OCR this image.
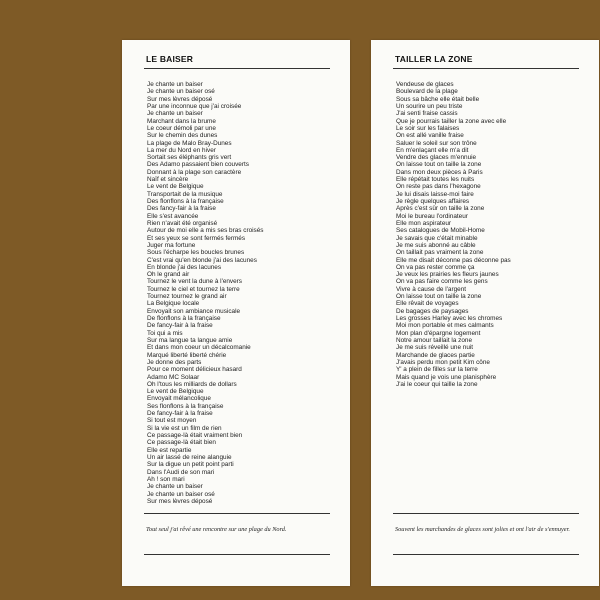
LE BAISER
Je chante un baiser
Je chante un baiser osé
Sur mes lèvres déposé
Par une inconnue que j'ai croisée
Je chante un baiser
Marchant dans la brume
Le coeur démoli par une
Sur le chemin des dunes
La plage de Malo Bray-Dunes
La mer du Nord en hiver
Sortait ses éléphants gris vert
Des Adamo passaient bien couverts
Donnant à la plage son caractère
Naïf et sincère
Le vent de Belgique
Transportait de la musique
Des flonflons à la française
Des fancy-fair à la fraise
Elle s'est avancée
Rien n'avait été organisé
Autour de moi elle a mis ses bras croisés
Et ses yeux se sont fermés fermés
Juger ma fortune
Sous l'écharpe les boucles brunes
C'est vrai qu'en blonde j'ai des lacunes
En blonde j'ai des lacunes
Oh le grand air
Tournez le vent la dune à l'envers
Tournez le ciel et tournez la terre
Tournez tournez le grand air
La Belgique locale
Envoyait son ambiance musicale
De flonflons à la française
De fancy-fair à la fraise
Toi qui a mis
Sur ma langue ta langue amie
Et dans mon coeur un décalcomanie
Marqué liberté liberté chérie
Je donne des parts
Pour ce moment délicieux hasard
Adamo MC Solaar
Oh l'tous les milliards de dollars
Le vent de Belgique
Envoyait mélancolique
Ses flonflons à la française
De fancy-fair à la fraise
Si tout est moyen
Si la vie est un film de rien
Ce passage-là était vraiment bien
Ce passage-là était bien
Elle est repartie
Un air lassé de reine alanguie
Sur la digue un petit point parti
Dans l'Audi de son mari
Ah ! son mari
Je chante un baiser
Je chante un baiser osé
Sur mes lèvres déposé
Tout seul j'ai rêvé une rencontre sur une plage du Nord.
TAILLER LA ZONE
Vendeuse de glaces
Boulevard de la plage
Sous sa bâche elle était belle
Un sourire un peu triste
J'ai senti fraise cassis
Que je pourrais tailler la zone avec elle
Le soir sur les falaises
On est allé vanille fraise
Saluer le soleil sur son trône
En m'enlaçant elle m'a dit
Vendre des glaces m'ennuie
On laisse tout on taille la zone
Dans mon deux pièces à Paris
Elle répétait toutes les nuits
On reste pas dans l'hexagone
Je lui disais laisse-moi faire
Je règle quelques affaires
Après c'est sûr on taille la zone
Moi le bureau l'ordinateur
Elle mon aspirateur
Ses catalogues de Mobil-Home
Je savais que c'était minable
Je me suis abonné au câble
On taillait pas vraiment la zone
Elle me disait déconne pas déconne pas
On va pas rester comme ça
Je veux les prairies les fleurs jaunes
On va pas faire comme les gens
Vivre à cause de l'argent
On laisse tout on taille la zone
Elle rêvait de voyages
De bagages de paysages
Les grosses Harley avec les chromes
Moi mon portable et mes calmants
Mon plan d'épargne logement
Notre amour taillait la zone
Je me suis réveillé une nuit
Marchande de glaces partie
J'avais perdu mon petit Kim cône
Y' a plein de filles sur la terre
Mais quand je vois une planisphère
J'ai le coeur qui taille la zone
Souvent les marchandes de glaces sont jolies et ont l'air de s'ennuyer.
